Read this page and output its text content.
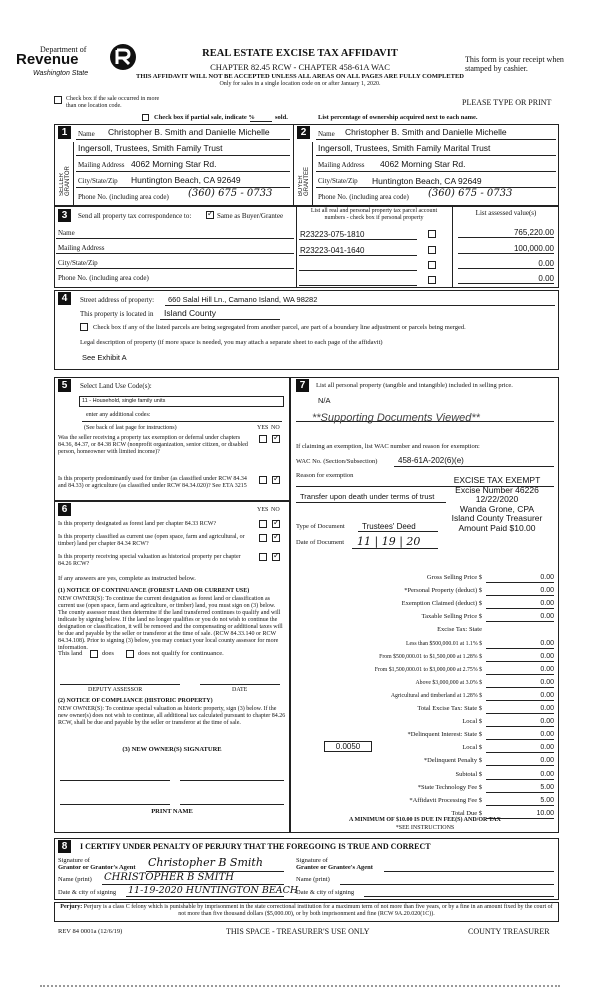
Department of
Revenue
Washington State
REAL ESTATE EXCISE TAX AFFIDAVIT
CHAPTER 82.45 RCW - CHAPTER 458-61A WAC
THIS AFFIDAVIT WILL NOT BE ACCEPTED UNLESS ALL AREAS ON ALL PAGES ARE FULLY COMPLETED
Only for sales in a single location code on or after January 1, 2020.
This form is your receipt when stamped by cashier.
PLEASE TYPE OR PRINT
Check box if the sale occurred in more than one location code.
Check box if partial sale, indicate %	sold.	List percentage of ownership acquired next to each name.
1
SELLER GRANTOR
Name Christopher B. Smith and Danielle Michelle
Ingersoll, Trustees, Smith Family Trust
Mailing Address 4062 Morning Star Rd.
City/State/Zip Huntington Beach, CA 92649
Phone No. (including area code) (360) 675 - 0733
2
BUYER GRANTEE
Name Christopher B. Smith and Danielle Michelle
Ingersoll, Trustees, Smith Family Marital Trust
Mailing Address 4062 Morning Star Rd.
City/State/Zip Huntington Beach, CA 92649
Phone No. (including area code) (360) 675 - 0733
3	Send all property tax correspondence to:
✓	Same as Buyer/Grantee
List all real and personal property tax parcel account numbers - check box if personal property
List assessed value(s)
Name
Mailing Address
City/State/Zip
Phone No. (including area code)
R23223-075-1810
R23223-041-1640
765,220.00
100,000.00
0.00
0.00
4	Street address of property: 660 Salal Hill Ln., Camano Island, WA 98282
This property is located in Island County
Check box if any of the listed parcels are being segregated from another parcel, are part of a boundary line adjustment or parcels being merged.
Legal description of property (if more space is needed, you may attach a separate sheet to each page of the affidavit)
See Exhibit A
5	Select Land Use Code(s):
11 - Household, single family units
enter any additional codes:
(See back of last page for instructions)	YES NO
Was the seller receiving a property tax exemption or deferral under chapters 84.36, 84.37, or 84.38 RCW (nonprofit organization, senior citizen, or disabled person, homeowner with limited income)?
✓
Is this property predominantly used for timber (as classified under RCW 84.34 and 84.33) or agriculture (as classified under RCW 84.34.020)? See ETA 3215
✓
6	YES NO
Is this property designated as forest land per chapter 84.33 RCW?
✓
Is this property classified as current use (open space, farm and agricultural, or timber) land per chapter 84.34 RCW?
✓
Is this property receiving special valuation as historical property per chapter 84.26 RCW?
✓
If any answers are yes, complete as instructed below.
(1) NOTICE OF CONTINUANCE (FOREST LAND OR CURRENT USE)
NEW OWNER(S): To continue the current designation as forest land or classification as current use (open space, farm and agriculture, or timber) land, you must sign on (3) below. The county assessor must then determine if the land transferred continues to qualify and will indicate by signing below. If the land no longer qualifies or you do not wish to continue the designation or classification, it will be removed and the compensating or additional taxes will be due and payable by the seller or transferor at the time of sale. (RCW 84.33.140 or RCW 84.34.108). Prior to signing (3) below, you may contact your local county assessor for more information.
This land	does	does not qualify for continuance.
DEPUTY ASSESSOR	DATE
(2) NOTICE OF COMPLIANCE (HISTORIC PROPERTY)
NEW OWNER(S): To continue special valuation as historic property, sign (3) below. If the new owner(s) does not wish to continue, all additional tax calculated pursuant to chapter 84.26 RCW, shall be due and payable by the seller or transferor at the time of sale.
(3) NEW OWNER(S) SIGNATURE
PRINT NAME
7	List all personal property (tangible and intangible) included in selling price.
N/A
**Supporting Documents Viewed**
If claiming an exemption, list WAC number and reason for exemption:
WAC No. (Section/Subsection)	458-61A-202(6)(e)
Reason for exemption
Transfer upon death under terms of trust
EXCISE TAX EXEMPT
Excise Number 46226
12/22/2020
Wanda Grone, CPA
Island County Treasurer
Amount Paid $10.00
Type of Document Trustees' Deed
Date of Document 11 | 19 | 20
Gross Selling Price $	0.00
*Personal Property (deduct) $	0.00
Exemption Claimed (deduct) $	0.00
Taxable Selling Price $	0.00
Excise Tax: State
Less than $500,000.01 at 1.1% $	0.00
From $500,000.01 to $1,500,000 at 1.28% $	0.00
From $1,500,000.01 to $3,000,000 at 2.75% $	0.00
Above $3,000,000 at 3.0% $	0.00
Agricultural and timberland at 1.28% $	0.00
Total Excise Tax: State $	0.00
Local $	0.00
*Delinquent Interest: State $	0.00
Local $	0.00
*Delinquent Penalty $	0.00
Subtotal $	0.00
*State Technology Fee $	5.00
*Affidavit Processing Fee $	5.00
Total Due $	10.00
0.0050
A MINIMUM OF $10.00 IS DUE IN FEE(S) AND/OR TAX
*SEE INSTRUCTIONS
8	I CERTIFY UNDER PENALTY OF PERJURY THAT THE FOREGOING IS TRUE AND CORRECT
Signature of
Grantor or Grantor's Agent Christopher B Smith
Name (print) CHRISTOPHER B SMITH
Date & city of signing 11-19-2020 HUNTINGTON BEACH
Signature of
Grantee or Grantee's Agent
Name (print)
Date & city of signing
Perjury: Perjury is a class C felony which is punishable by imprisonment in the state correctional institution for a maximum term of not more than five years, or by a fine in an amount fixed by the court of not more than five thousand dollars ($5,000.00), or by both imprisonment and fine (RCW 9A.20.020(1C)).
REV 84 0001a (12/6/19)	THIS SPACE - TREASURER'S USE ONLY	COUNTY TREASURER
